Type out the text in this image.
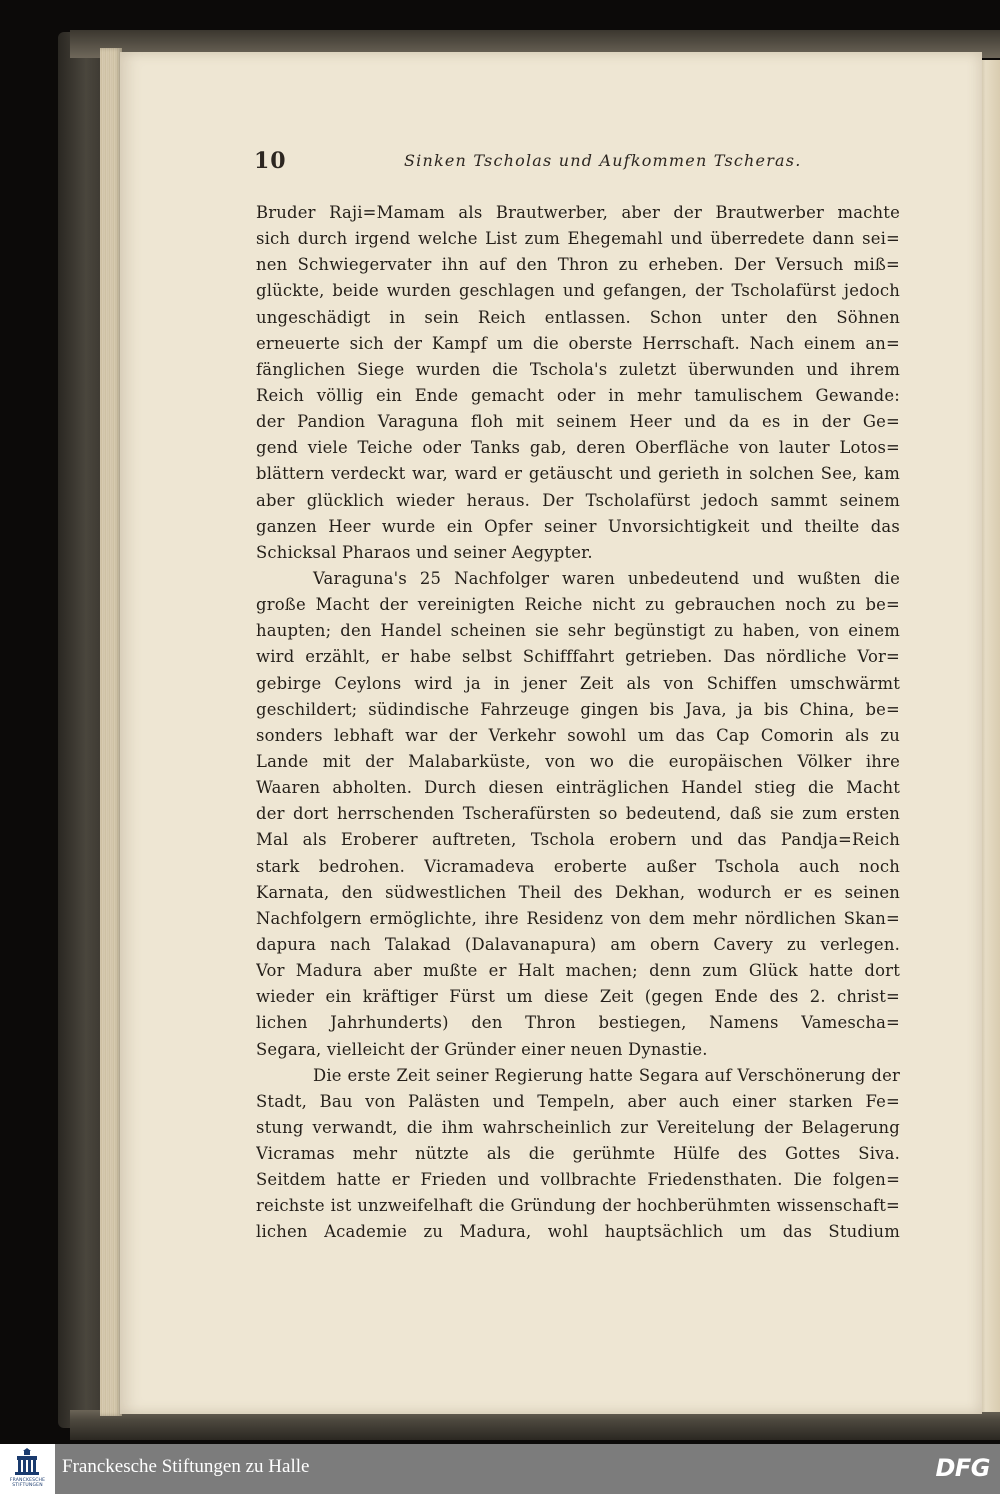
10	Sinken Tscholas und Aufkommen Tscheras.
Bruder Raji=Mamam als Brautwerber, aber der Brautwerber machte
sich durch irgend welche List zum Ehegemahl und überredete dann sei=
nen Schwiegervater ihn auf den Thron zu erheben. Der Versuch miß=
glückte, beide wurden geschlagen und gefangen, der Tscholafürst jedoch
ungeschädigt in sein Reich entlassen. Schon unter den Söhnen
erneuerte sich der Kampf um die oberste Herrschaft. Nach einem an=
fänglichen Siege wurden die Tschola's zuletzt überwunden und ihrem
Reich völlig ein Ende gemacht oder in mehr tamulischem Gewande:
der Pandion Varaguna floh mit seinem Heer und da es in der Ge=
gend viele Teiche oder Tanks gab, deren Oberfläche von lauter Lotos=
blättern verdeckt war, ward er getäuscht und gerieth in solchen See, kam
aber glücklich wieder heraus. Der Tscholafürst jedoch sammt seinem
ganzen Heer wurde ein Opfer seiner Unvorsichtigkeit und theilte das
Schicksal Pharaos und seiner Aegypter.
Varaguna's 25 Nachfolger waren unbedeutend und wußten die
große Macht der vereinigten Reiche nicht zu gebrauchen noch zu be=
haupten; den Handel scheinen sie sehr begünstigt zu haben, von einem
wird erzählt, er habe selbst Schifffahrt getrieben. Das nördliche Vor=
gebirge Ceylons wird ja in jener Zeit als von Schiffen umschwärmt
geschildert; südindische Fahrzeuge gingen bis Java, ja bis China, be=
sonders lebhaft war der Verkehr sowohl um das Cap Comorin als zu
Lande mit der Malabarküste, von wo die europäischen Völker ihre
Waaren abholten. Durch diesen einträglichen Handel stieg die Macht
der dort herrschenden Tscherafürsten so bedeutend, daß sie zum ersten
Mal als Eroberer auftreten, Tschola erobern und das Pandja=Reich
stark bedrohen. Vicramadeva eroberte außer Tschola auch noch
Karnata, den südwestlichen Theil des Dekhan, wodurch er es seinen
Nachfolgern ermöglichte, ihre Residenz von dem mehr nördlichen Skan=
dapura nach Talakad (Dalavanapura) am obern Cavery zu verlegen.
Vor Madura aber mußte er Halt machen; denn zum Glück hatte dort
wieder ein kräftiger Fürst um diese Zeit (gegen Ende des 2. christ=
lichen Jahrhunderts) den Thron bestiegen, Namens Vamescha=
Segara, vielleicht der Gründer einer neuen Dynastie.
Die erste Zeit seiner Regierung hatte Segara auf Verschönerung der
Stadt, Bau von Palästen und Tempeln, aber auch einer starken Fe=
stung verwandt, die ihm wahrscheinlich zur Vereitelung der Belagerung
Vicramas mehr nützte als die gerühmte Hülfe des Gottes Siva.
Seitdem hatte er Frieden und vollbrachte Friedensthaten. Die folgen=
reichste ist unzweifelhaft die Gründung der hochberühmten wissenschaft=
lichen Academie zu Madura, wohl hauptsächlich um das Studium
FRANCKESCHE STIFTUNGEN
Franckesche Stiftungen zu Halle	DFG
